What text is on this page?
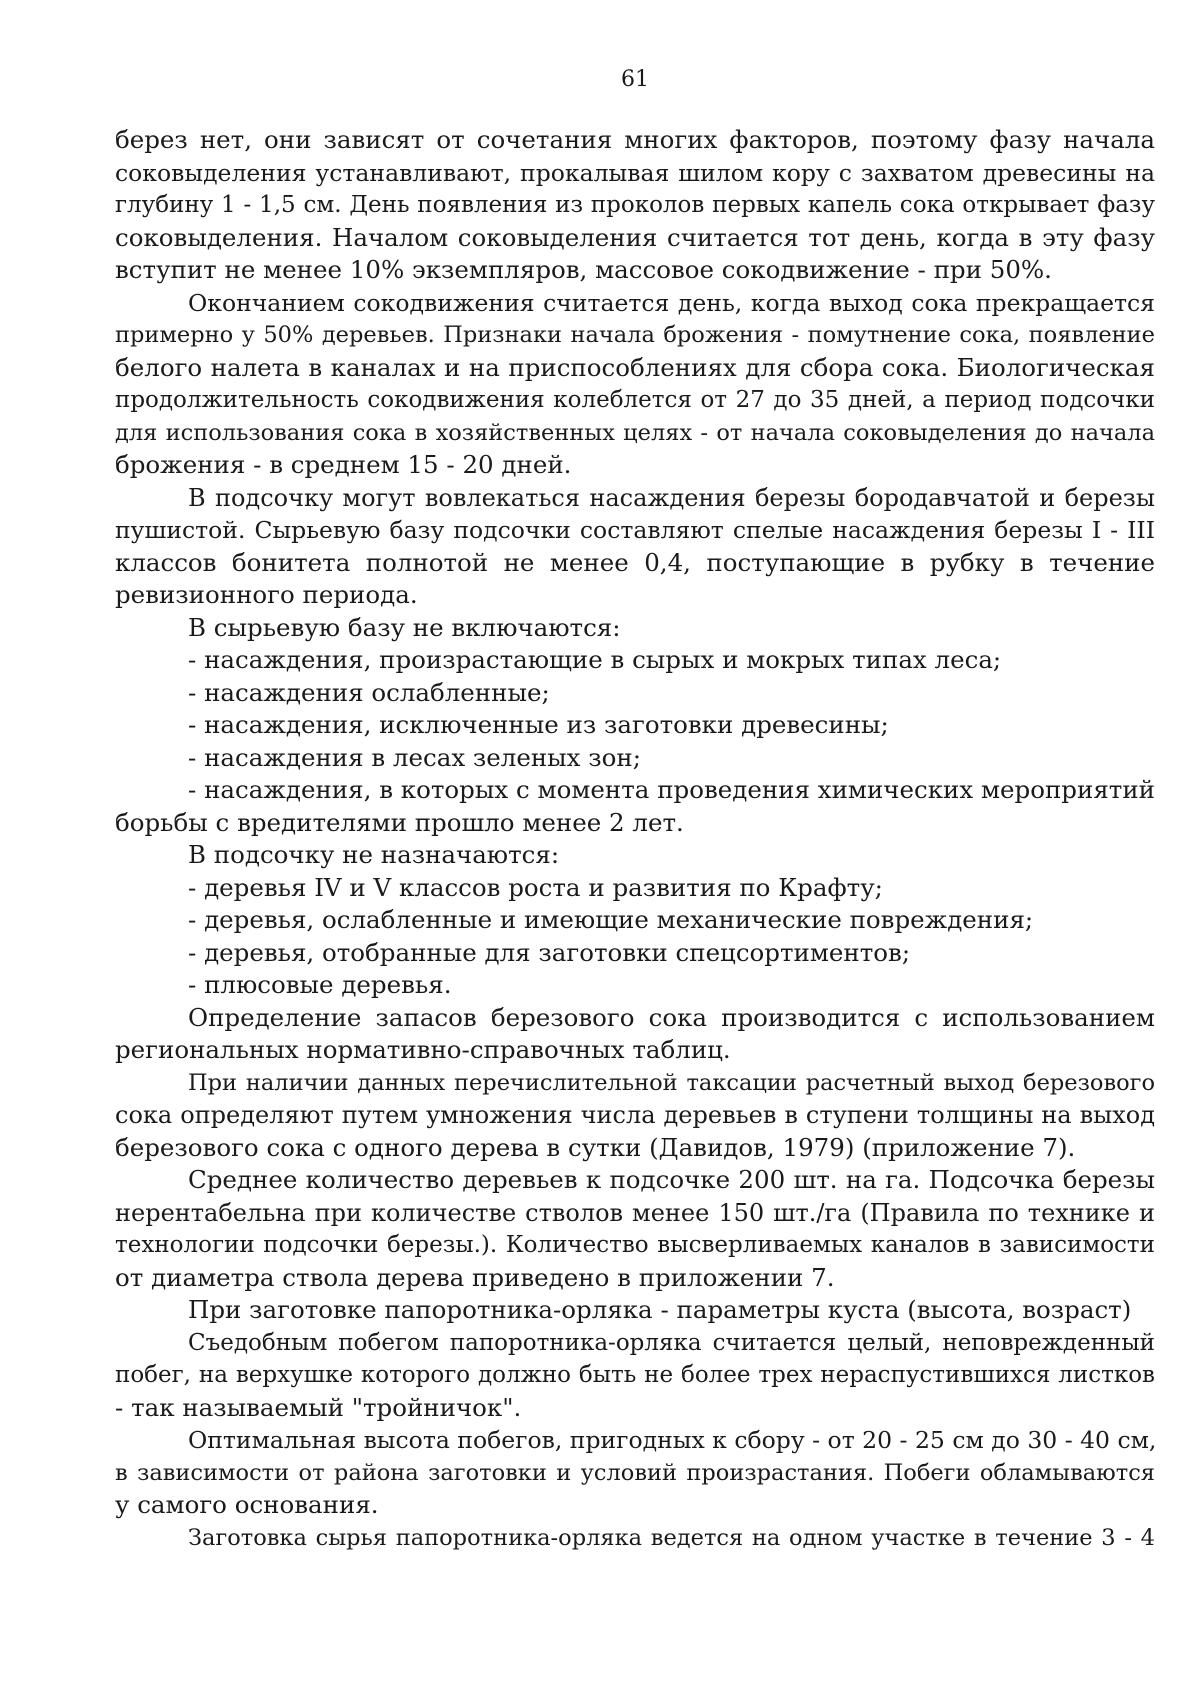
61
берез нет, они зависят от сочетания многих факторов, поэтому фазу начала
соковыделения устанавливают, прокалывая шилом кору с захватом древесины на
глубину 1 - 1,5 см. День появления из проколов первых капель сока открывает фазу
соковыделения. Началом соковыделения считается тот день, когда в эту фазу
вступит не менее 10% экземпляров, массовое сокодвижение - при 50%.
Окончанием сокодвижения считается день, когда выход сока прекращается
примерно у 50% деревьев. Признаки начала брожения - помутнение сока, появление
белого налета в каналах и на приспособлениях для сбора сока. Биологическая
продолжительность сокодвижения колеблется от 27 до 35 дней, а период подсочки
для использования сока в хозяйственных целях - от начала соковыделения до начала
брожения - в среднем 15 - 20 дней.
В подсочку могут вовлекаться насаждения березы бородавчатой и березы
пушистой. Сырьевую базу подсочки составляют спелые насаждения березы I - III
классов бонитета полнотой не менее 0,4, поступающие в рубку в течение
ревизионного периода.
В сырьевую базу не включаются:
- насаждения, произрастающие в сырых и мокрых типах леса;
- насаждения ослабленные;
- насаждения, исключенные из заготовки древесины;
- насаждения в лесах зеленых зон;
- насаждения, в которых с момента проведения химических мероприятий
борьбы с вредителями прошло менее 2 лет.
В подсочку не назначаются:
- деревья IV и V классов роста и развития по Крафту;
- деревья, ослабленные и имеющие механические повреждения;
- деревья, отобранные для заготовки спецсортиментов;
- плюсовые деревья.
Определение запасов березового сока производится с использованием
региональных нормативно-справочных таблиц.
При наличии данных перечислительной таксации расчетный выход березового
сока определяют путем умножения числа деревьев в ступени толщины на выход
березового сока с одного дерева в сутки (Давидов, 1979) (приложение 7).
Среднее количество деревьев к подсочке 200 шт. на га. Подсочка березы
нерентабельна при количестве стволов менее 150 шт./га (Правила по технике и
технологии подсочки березы.). Количество высверливаемых каналов в зависимости
от диаметра ствола дерева приведено в приложении 7.
При заготовке папоротника-орляка - параметры куста (высота, возраст)
Съедобным побегом папоротника-орляка считается целый, неповрежденный
побег, на верхушке которого должно быть не более трех нераспустившихся листков
- так называемый "тройничок".
Оптимальная высота побегов, пригодных к сбору - от 20 - 25 см до 30 - 40 см,
в зависимости от района заготовки и условий произрастания. Побеги обламываются
у самого основания.
Заготовка сырья папоротника-орляка ведется на одном участке в течение 3 - 4
